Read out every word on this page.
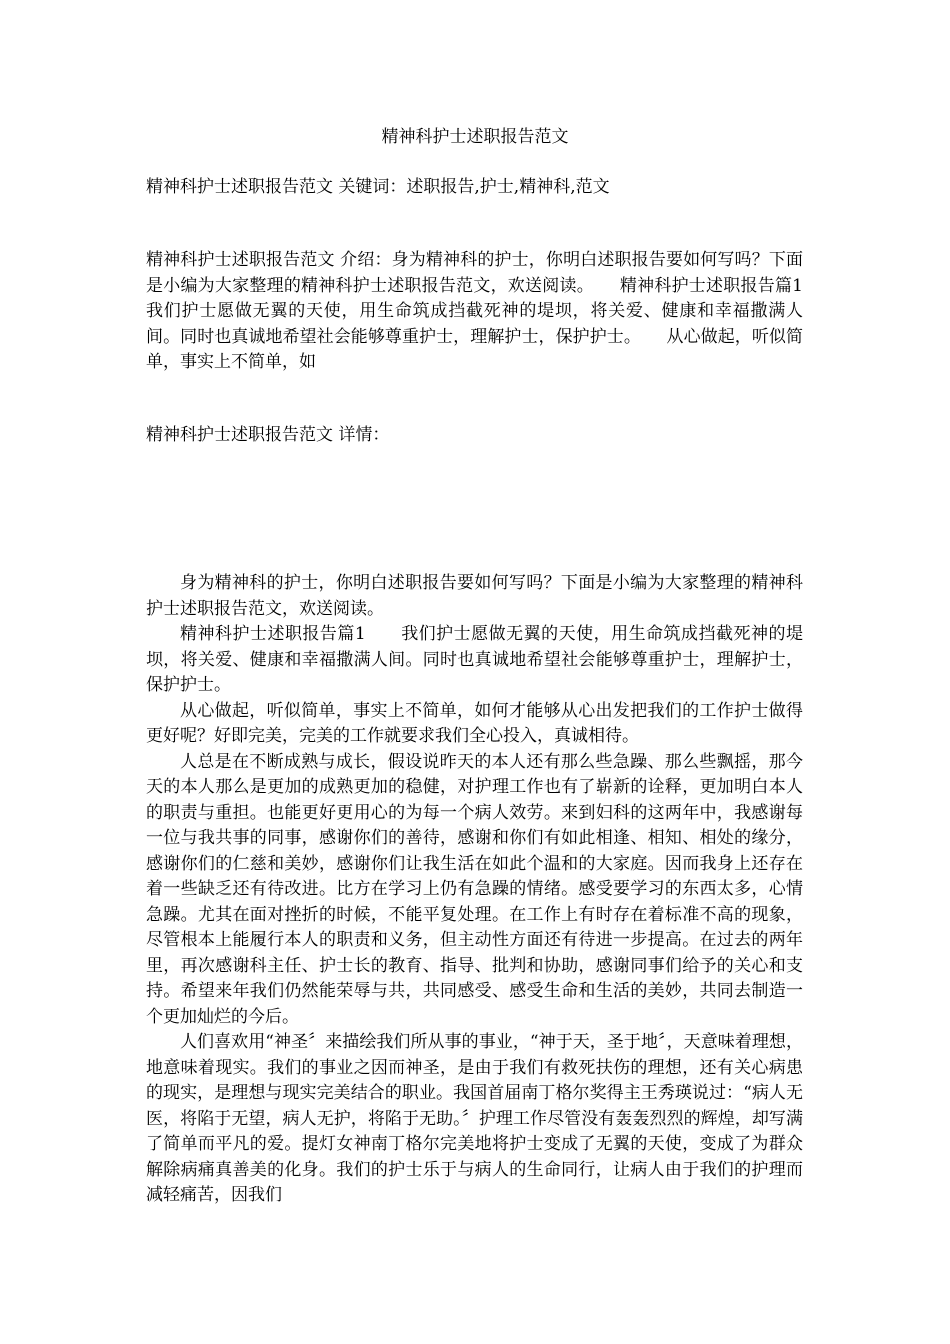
精神科护士述职报告范文
精神科护士述职报告范文 关键词：述职报告,护士,精神科,范文
精神科护士述职报告范文 介绍：身为精神科的护士，你明白述职报告要如何写吗？下面是小编为大家整理的精神科护士述职报告范文，欢送阅读。　　精神科护士述职报告篇1　　我们护士愿做无翼的天使，用生命筑成挡截死神的堤坝，将关爱、健康和幸福撒满人间。同时也真诚地希望社会能够尊重护士，理解护士，保护护士。　　从心做起，听似简单，事实上不简单，如
精神科护士述职报告范文 详情：

身为精神科的护士，你明白述职报告要如何写吗？下面是小编为大家整理的精神科护士述职报告范文，欢送阅读。

精神科护士述职报告篇1　　我们护士愿做无翼的天使，用生命筑成挡截死神的堤坝，将关爱、健康和幸福撒满人间。同时也真诚地希望社会能够尊重护士，理解护士，保护护士。

从心做起，听似简单，事实上不简单，如何才能够从心出发把我们的工作护士做得更好呢？好即完美，完美的工作就要求我们全心投入，真诚相待。

人总是在不断成熟与成长，假设说昨天的本人还有那么些急躁、那么些飘摇，那今天的本人那么是更加的成熟更加的稳健，对护理工作也有了崭新的诠释，更加明白本人的职责与重担。也能更好更用心的为每一个病人效劳。来到妇科的这两年中，我感谢每一位与我共事的同事，感谢你们的善待，感谢和你们有如此相逢、相知、相处的缘分，感谢你们的仁慈和美妙，感谢你们让我生活在如此个温和的大家庭。因而我身上还存在着一些缺乏还有待改进。比方在学习上仍有急躁的情绪。感受要学习的东西太多，心情急躁。尤其在面对挫折的时候，不能平复处理。在工作上有时存在着标准不高的现象，尽管根本上能履行本人的职责和义务，但主动性方面还有待进一步提高。在过去的两年里，再次感谢科主任、护士长的教育、指导、批判和协助，感谢同事们给予的关心和支持。希望来年我们仍然能荣辱与共，共同感受、感受生命和生活的美妙，共同去制造一个更加灿烂的今后。

人们喜欢用“神圣〞来描绘我们所从事的事业，“神于天，圣于地〞，天意味着理想，地意味着现实。我们的事业之因而神圣，是由于我们有救死扶伤的理想，还有关心病患的现实，是理想与现实完美结合的职业。我国首届南丁格尔奖得主王秀瑛说过：“病人无医，将陷于无望，病人无护，将陷于无助。〞护理工作尽管没有轰轰烈烈的辉煌，却写满了简单而平凡的爱。提灯女神南丁格尔完美地将护士变成了无翼的天使，变成了为群众解除病痛真善美的化身。我们的护士乐于与病人的生命同行，让病人由于我们的护理而减轻痛苦，因我们
